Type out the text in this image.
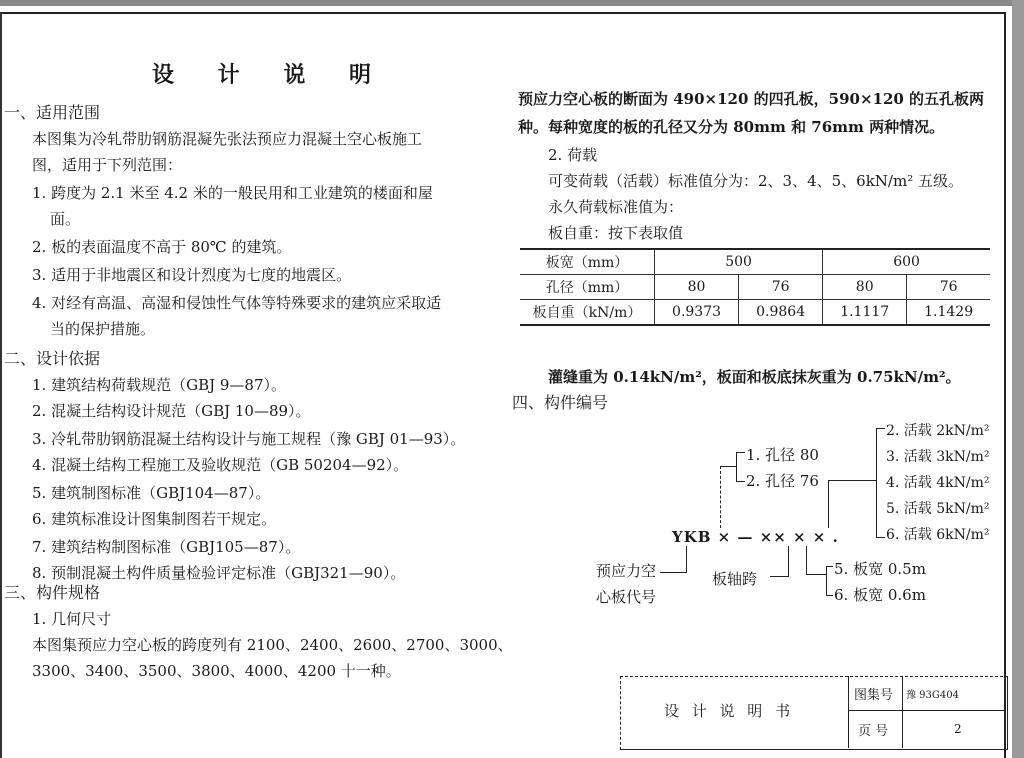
设 计 说 明
一、适用范围
本图集为冷轧带肋钢筋混凝先张法预应力混凝土空心板施工
图，适用于下列范围：
1. 跨度为 2.1 米至 4.2 米的一般民用和工业建筑的楼面和屋
面。
2. 板的表面温度不高于 80℃ 的建筑。
3. 适用于非地震区和设计烈度为七度的地震区。
4. 对经有高温、高湿和侵蚀性气体等特殊要求的建筑应采取适
当的保护措施。
二、设计依据
1. 建筑结构荷载规范（GBJ 9—87）。
2. 混凝土结构设计规范（GBJ 10—89）。
3. 冷轧带肋钢筋混凝土结构设计与施工规程（豫 GBJ 01—93）。
4. 混凝土结构工程施工及验收规范（GB 50204—92）。
5. 建筑制图标准（GBJ104—87）。
6. 建筑标准设计图集制图若干规定。
7. 建筑结构制图标准（GBJ105—87）。
8. 预制混凝土构件质量检验评定标准（GBJ321—90）。
三、构件规格
1. 几何尺寸
本图集预应力空心板的跨度列有 2100、2400、2600、2700、3000、
3300、3400、3500、3800、4000、4200 十一种。
预应力空心板的断面为 490×120 的四孔板，590×120 的五孔板两
种。每种宽度的板的孔径又分为 80mm 和 76mm 两种情况。
2. 荷载
可变荷载（活载）标准值分为：2、3、4、5、6kN/m² 五级。
永久荷载标准值为：
板自重：按下表取值
板宽（mm）	500		600	
孔径（mm）	80	76	80	76
板自重（kN/m）	0.9373	0.9864	1.1117	1.1429
灌缝重为 0.14kN/m²，板面和板底抹灰重为 0.75kN/m²。
四、构件编号
YKB × — ×× × × .
1. 孔径 80
2. 孔径 76
2. 活载 2kN/m²
3. 活载 3kN/m²
4. 活载 4kN/m²
5. 活载 5kN/m²
6. 活载 6kN/m²
预应力空
心板代号
板轴跨
5. 板宽 0.5m
6. 板宽 0.6m
设 计 说 明 书
图集号 豫 93G404
页 号	2
